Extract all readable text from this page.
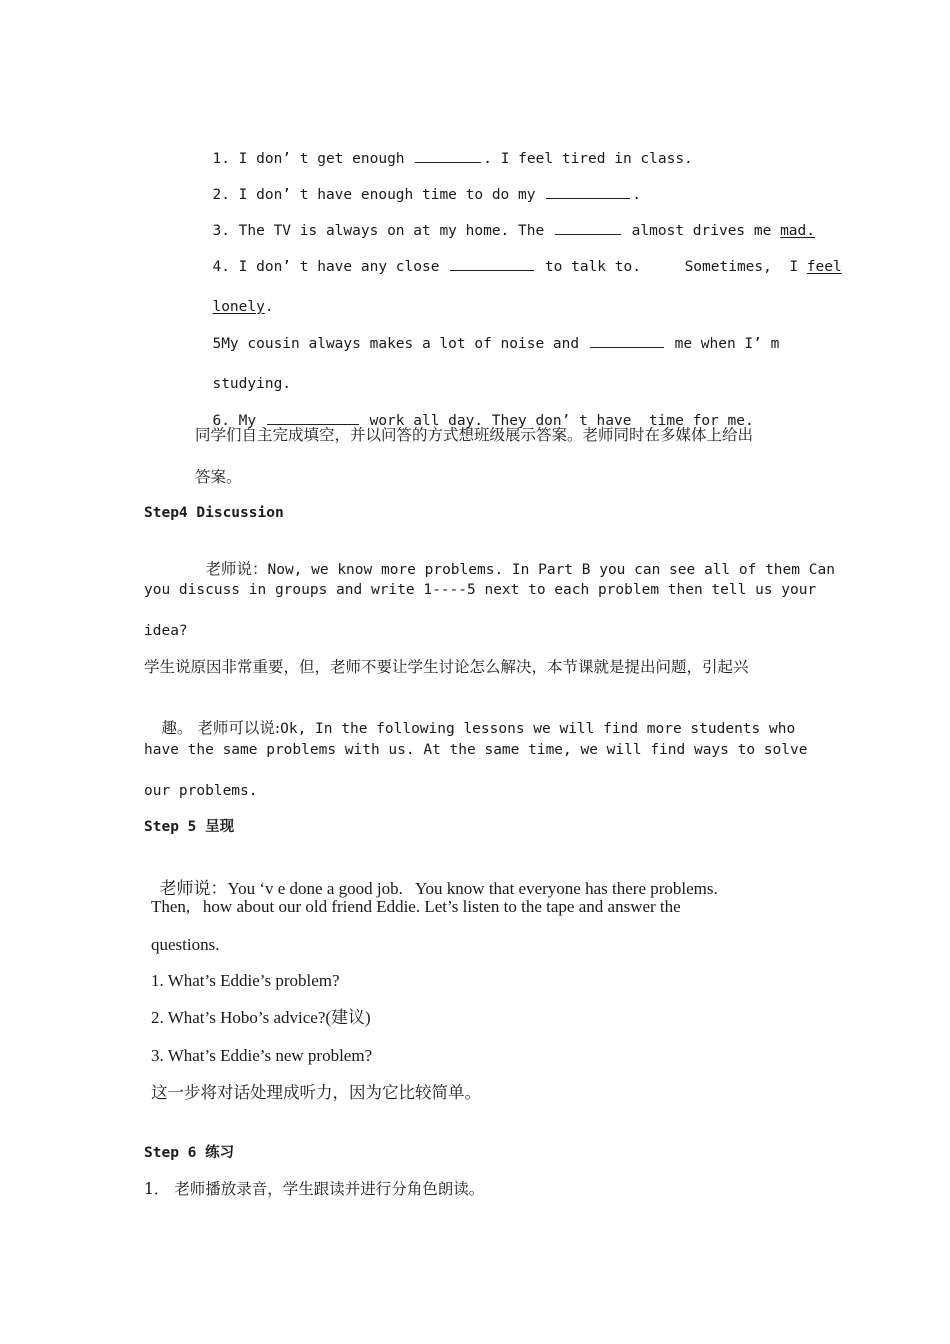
1. I don’ t get enough	. I feel tired in class.

2. I don’ t have enough time to do my	.

3. The TV is always on at my home. The	almost drives me mad.

4. I don’ t have any close	to talk to.     Sometimes,  I feel

lonely.

5My cousin always makes a lot of noise and	me when I’ m

studying.

6. My	work all day. They don’ t have  time for me.

同学们自主完成填空，并以问答的方式想班级展示答案。老师同时在多媒体上给出
答案。
Step4 Discussion

老师说：Now, we know more problems. In Part B you can see all of them Can

you discuss in groups and write 1----5 next to each problem then tell us your
idea?
学生说原因非常重要，但，老师不要让学生讨论怎么解决，本节课就是提出问题，引起兴

趣。 老师可以说:Ok, In the following lessons we will find more students who

have the same problems with us. At the same time, we will find ways to solve
our problems.
Step 5 呈现

老师说：You ‘v e done a good job.   You know that everyone has there problems.

Then,   how about our old friend Eddie. Let’s listen to the tape and answer the
questions.
1. What’s Eddie’s problem?
2. What’s Hobo’s advice?(建议)
3. What’s Eddie’s new problem?
这一步将对话处理成听力，因为它比较简单。
Step 6 练习
1． 老师播放录音，学生跟读并进行分角色朗读。
